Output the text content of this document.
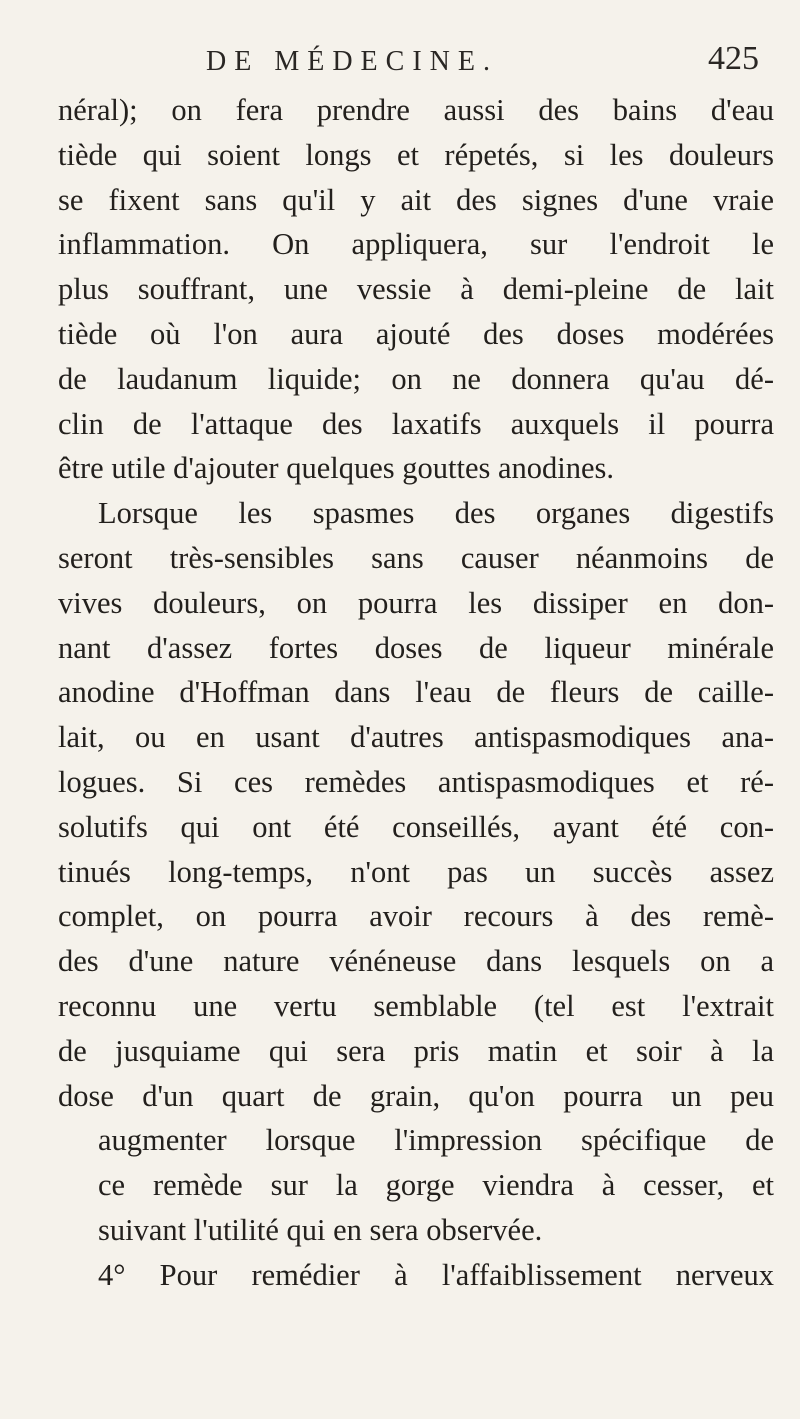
DE MÉDECINE.	425
néral); on fera prendre aussi des bains d'eau
tiède qui soient longs et répetés, si les douleurs
se fixent sans qu'il y ait des signes d'une vraie
inflammation. On appliquera, sur l'endroit le
plus souffrant, une vessie à demi-pleine de lait
tiède où l'on aura ajouté des doses modérées
de laudanum liquide; on ne donnera qu'au dé-
clin de l'attaque des laxatifs auxquels il pourra
être utile d'ajouter quelques gouttes anodines.
Lorsque les spasmes des organes digestifs
seront très-sensibles sans causer néanmoins de
vives douleurs, on pourra les dissiper en don-
nant d'assez fortes doses de liqueur minérale
anodine d'Hoffman dans l'eau de fleurs de caille-
lait, ou en usant d'autres antispasmodiques ana-
logues. Si ces remèdes antispasmodiques et ré-
solutifs qui ont été conseillés, ayant été con-
tinués long-temps, n'ont pas un succès assez
complet, on pourra avoir recours à des remè-
des d'une nature vénéneuse dans lesquels on a
reconnu une vertu semblable (tel est l'extrait
de jusquiame qui sera pris matin et soir à la
dose d'un quart de grain, qu'on pourra un peu
augmenter lorsque l'impression spécifique de
ce remède sur la gorge viendra à cesser, et
suivant l'utilité qui en sera observée.
4° Pour remédier à l'affaiblissement nerveux
